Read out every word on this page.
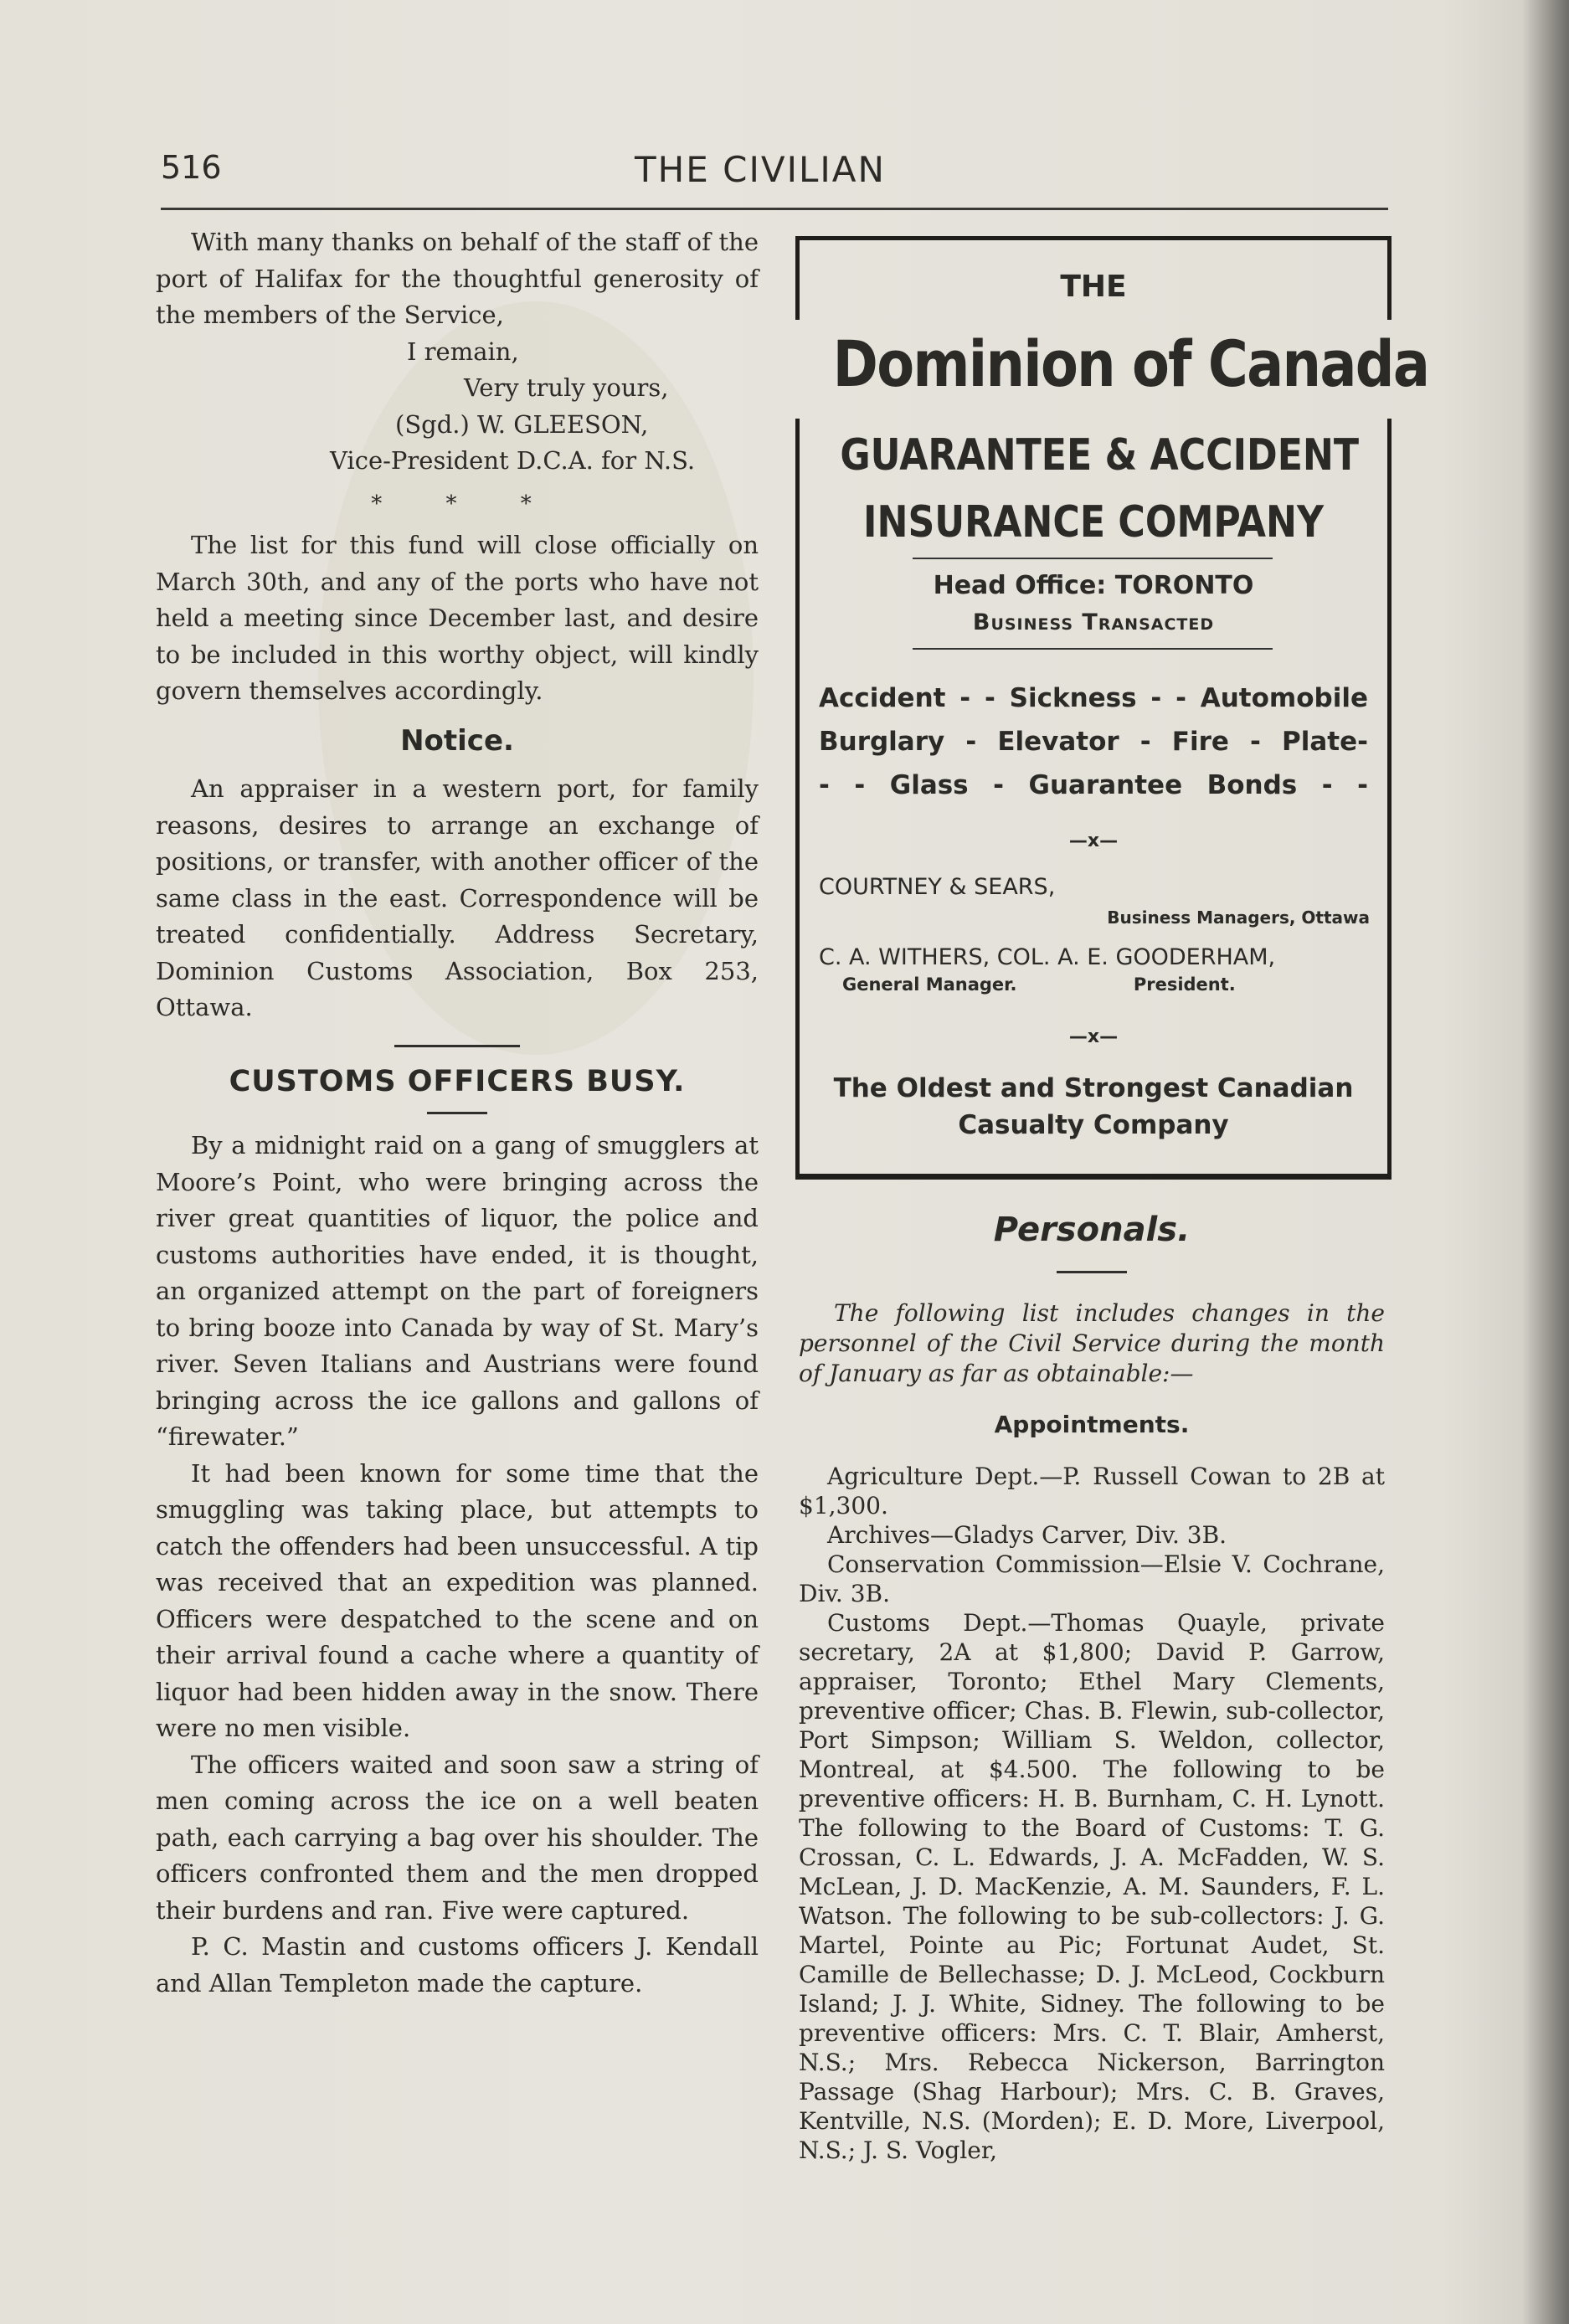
516	THE CIVILIAN

With many thanks on behalf of the staff of the port of Halifax for the thoughtful generosity of the members of the Service,

I remain,
Very truly yours,
(Sgd.) W. GLEESON,
Vice-President D.C.A. for N.S.
* * *

The list for this fund will close officially on March 30th, and any of the ports who have not held a meeting since December last, and desire to be included in this worthy object, will kindly govern themselves accordingly.

Notice.

An appraiser in a western port, for family reasons, desires to arrange an exchange of positions, or transfer, with another officer of the same class in the east. Correspondence will be treated confidentially. Address Secretary, Dominion Customs Association, Box 253, Ottawa.

CUSTOMS OFFICERS BUSY.

By a midnight raid on a gang of smugglers at Moore’s Point, who were bringing across the river great quantities of liquor, the police and customs authorities have ended, it is thought, an organized attempt on the part of foreigners to bring booze into Canada by way of St. Mary’s river. Seven Italians and Austrians were found bringing across the ice gallons and gallons of “firewater.”

It had been known for some time that the smuggling was taking place, but attempts to catch the offenders had been unsuccessful. A tip was received that an expedition was planned. Officers were despatched to the scene and on their arrival found a cache where a quantity of liquor had been hidden away in the snow. There were no men visible.

The officers waited and soon saw a string of men coming across the ice on a well beaten path, each carrying a bag over his shoulder. The officers confronted them and the men dropped their burdens and ran. Five were captured.

P. C. Mastin and customs officers J. Kendall and Allan Templeton made the capture.

THE
Dominion of Canada
GUARANTEE & ACCIDENT
INSURANCE COMPANY
Head Office: TORONTO
Business Transacted
Accident - - Sickness - - Automobile
Burglary - Elevator - Fire - Plate-
- - Glass - Guarantee Bonds - -
—x—
COURTNEY & SEARS,
Business Managers, Ottawa
C. A. WITHERS, COL. A. E. GOODERHAM,
General Manager.	President.
—x—
The Oldest and Strongest Canadian Casualty Company
Personals.

The following list includes changes in the personnel of the Civil Service during the month of January as far as obtainable:—

Appointments.

Agriculture Dept.—P. Russell Cowan to 2B at $1,300.

Archives—Gladys Carver, Div. 3B.

Conservation Commission—Elsie V. Cochrane, Div. 3B.

Customs Dept.—Thomas Quayle, private secretary, 2A at $1,800; David P. Garrow, appraiser, Toronto; Ethel Mary Clements, preventive officer; Chas. B. Flewin, sub-collector, Port Simpson; William S. Weldon, collector, Montreal, at $4.500. The following to be preventive officers: H. B. Burnham, C. H. Lynott. The following to the Board of Customs: T. G. Crossan, C. L. Edwards, J. A. McFadden, W. S. McLean, J. D. MacKenzie, A. M. Saunders, F. L. Watson. The following to be sub-collectors: J. G. Martel, Pointe au Pic; Fortunat Audet, St. Camille de Bellechasse; D. J. McLeod, Cockburn Island; J. J. White, Sidney. The following to be preventive officers: Mrs. C. T. Blair, Amherst, N.S.; Mrs. Rebecca Nickerson, Barrington Passage (Shag Harbour); Mrs. C. B. Graves, Kentville, N.S. (Morden); E. D. More, Liverpool, N.S.; J. S. Vogler,
